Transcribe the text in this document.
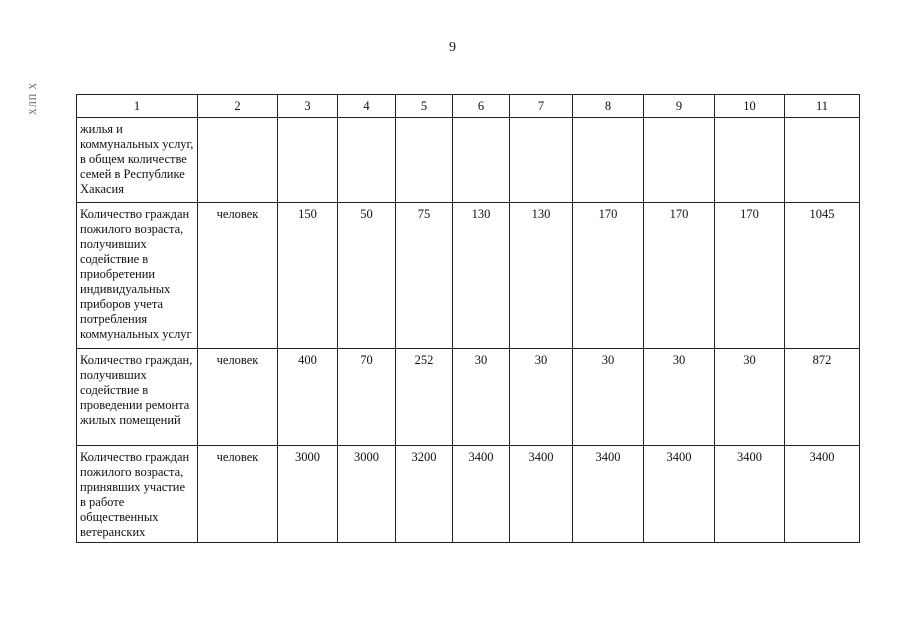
9
ХЛП Х	1	2	3	4	5	6	7	8	9	10	11
жилья и коммунальных услуг, в общем количестве семей в Республике Хакасия										
Количество граждан пожилого возраста, получивших содействие в приобретении индивидуальных приборов учета потребления коммунальных услуг	человек	150	50	75	130	130	170	170	170	1045
Количество граждан, получивших содействие в проведении ремонта жилых помещений	человек	400	70	252	30	30	30	30	30	872
Количество граждан пожилого возраста, принявших участие в работе общественных ветеранских	человек	3000	3000	3200	3400	3400	3400	3400	3400	3400
